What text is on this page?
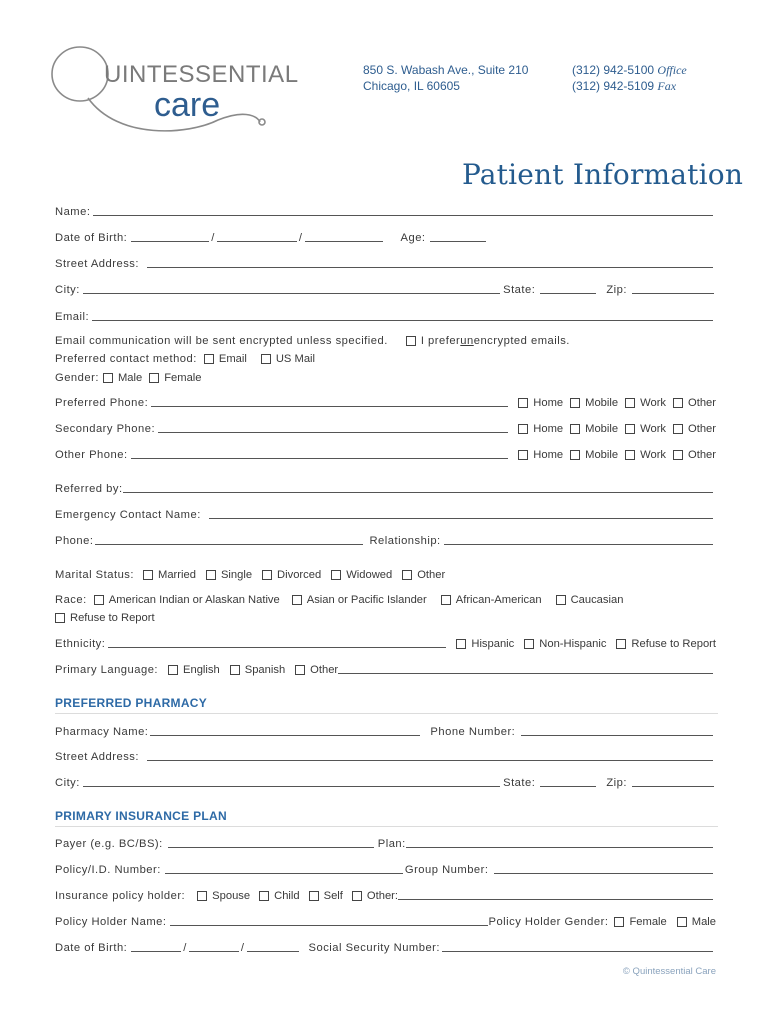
UINTESSENTIAL
care
850 S. Wabash Ave., Suite 210
Chicago, IL 60605
(312) 942-5100 Office
(312) 942-5109 Fax
Patient Information
Name:
Date of Birth:	/	/	Age:
Street Address:
City:	State:	Zip:
Email:
Email communication will be sent encrypted unless specified.	I prefer un encrypted emails.
Preferred contact method: Email	US Mail
Gender: Male Female
Preferred Phone:	Home Mobile Work Other
Secondary Phone:	Home Mobile Work Other
Other Phone:	Home Mobile Work Other
Referred by:
Emergency Contact Name:
Phone:	Relationship:
Marital Status: Married Single Divorced Widowed Other
Race: American Indian or Alaskan Native Asian or Pacific Islander	African-American	Caucasian
Refuse to Report
Ethnicity:	Hispanic Non-Hispanic Refuse to Report
Primary Language: English Spanish Other
PREFERRED PHARMACY
Pharmacy Name:	Phone Number:
Street Address:
City:	State:	Zip:
PRIMARY INSURANCE PLAN
Payer (e.g. BC/BS):	Plan:
Policy/I.D. Number:	Group Number:
Insurance policy holder: Spouse Child Self Other:
Policy Holder Name:	Policy Holder Gender: Female Male
Date of Birth:	/	/	Social Security Number:
© Quintessential Care
